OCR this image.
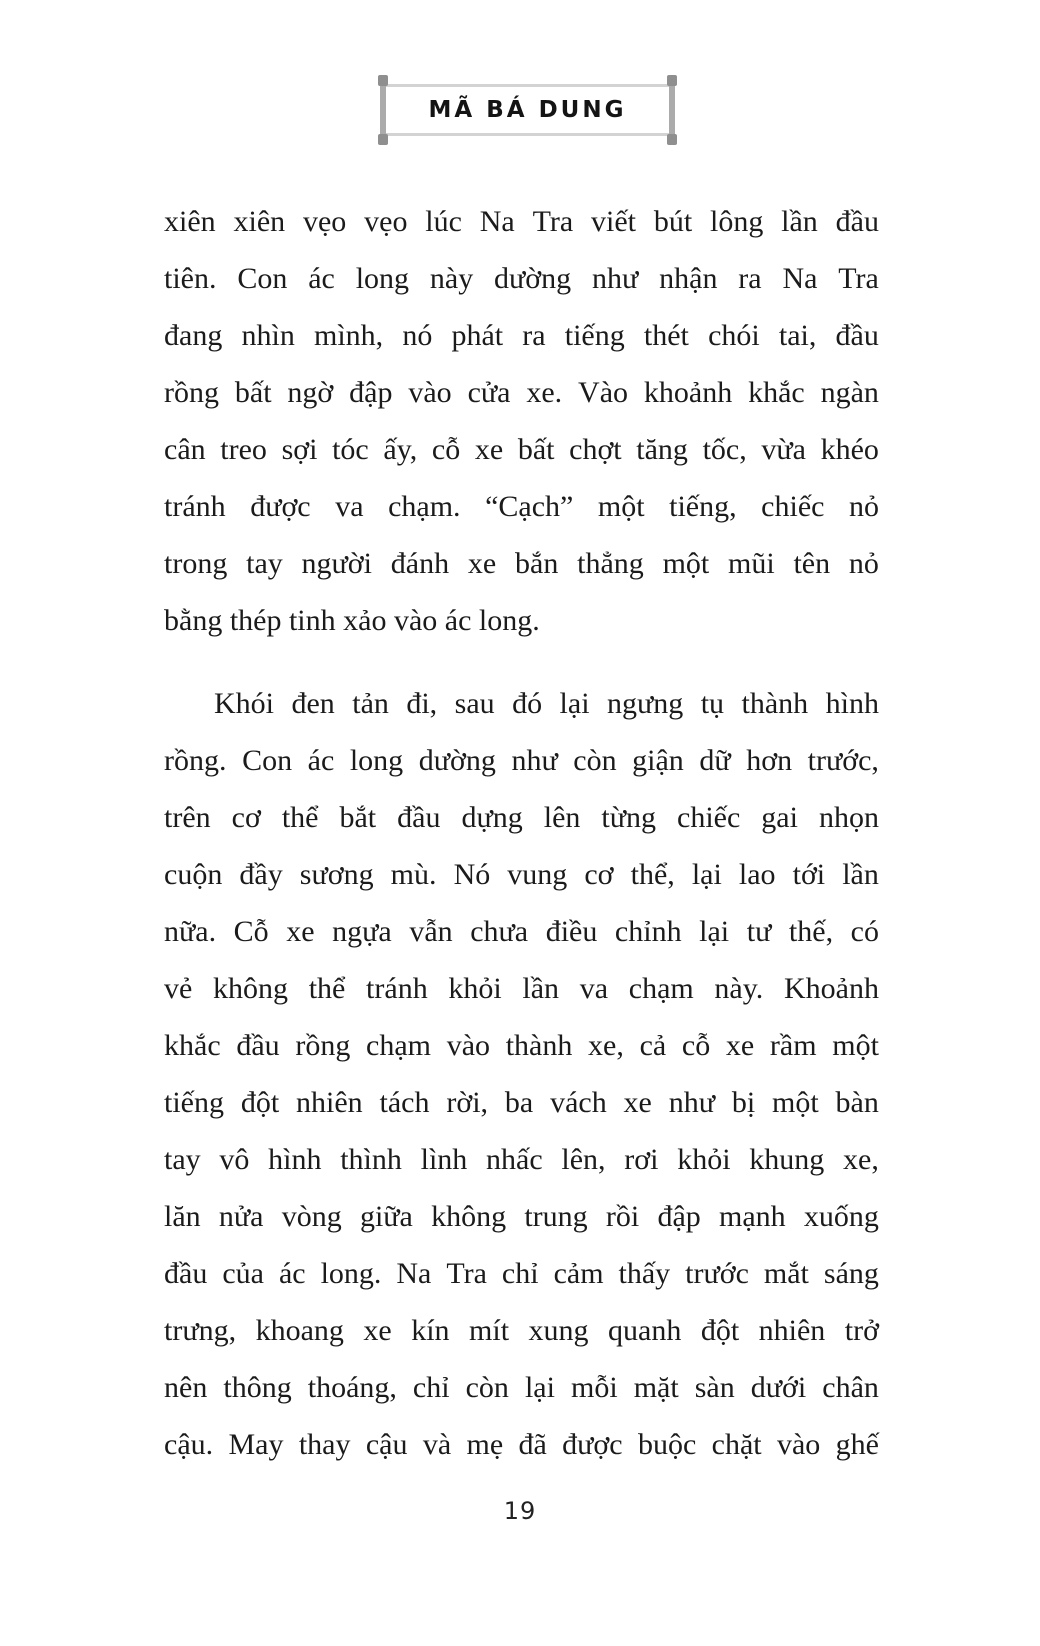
MÃ BÁ DUNG
xiên xiên vẹo vẹo lúc Na Tra viết bút lông lần đầu
tiên. Con ác long này dường như nhận ra Na Tra
đang nhìn mình, nó phát ra tiếng thét chói tai, đầu
rồng bất ngờ đập vào cửa xe. Vào khoảnh khắc ngàn
cân treo sợi tóc ấy, cỗ xe bất chợt tăng tốc, vừa khéo
tránh được va chạm. “Cạch” một tiếng, chiếc nỏ
trong tay người đánh xe bắn thẳng một mũi tên nỏ
bằng thép tinh xảo vào ác long.
Khói đen tản đi, sau đó lại ngưng tụ thành hình
rồng. Con ác long dường như còn giận dữ hơn trước,
trên cơ thể bắt đầu dựng lên từng chiếc gai nhọn
cuộn đầy sương mù. Nó vung cơ thể, lại lao tới lần
nữa. Cỗ xe ngựa vẫn chưa điều chỉnh lại tư thế, có
vẻ không thể tránh khỏi lần va chạm này. Khoảnh
khắc đầu rồng chạm vào thành xe, cả cỗ xe rầm một
tiếng đột nhiên tách rời, ba vách xe như bị một bàn
tay vô hình thình lình nhấc lên, rơi khỏi khung xe,
lăn nửa vòng giữa không trung rồi đập mạnh xuống
đầu của ác long. Na Tra chỉ cảm thấy trước mắt sáng
trưng, khoang xe kín mít xung quanh đột nhiên trở
nên thông thoáng, chỉ còn lại mỗi mặt sàn dưới chân
cậu. May thay cậu và mẹ đã được buộc chặt vào ghế
19
